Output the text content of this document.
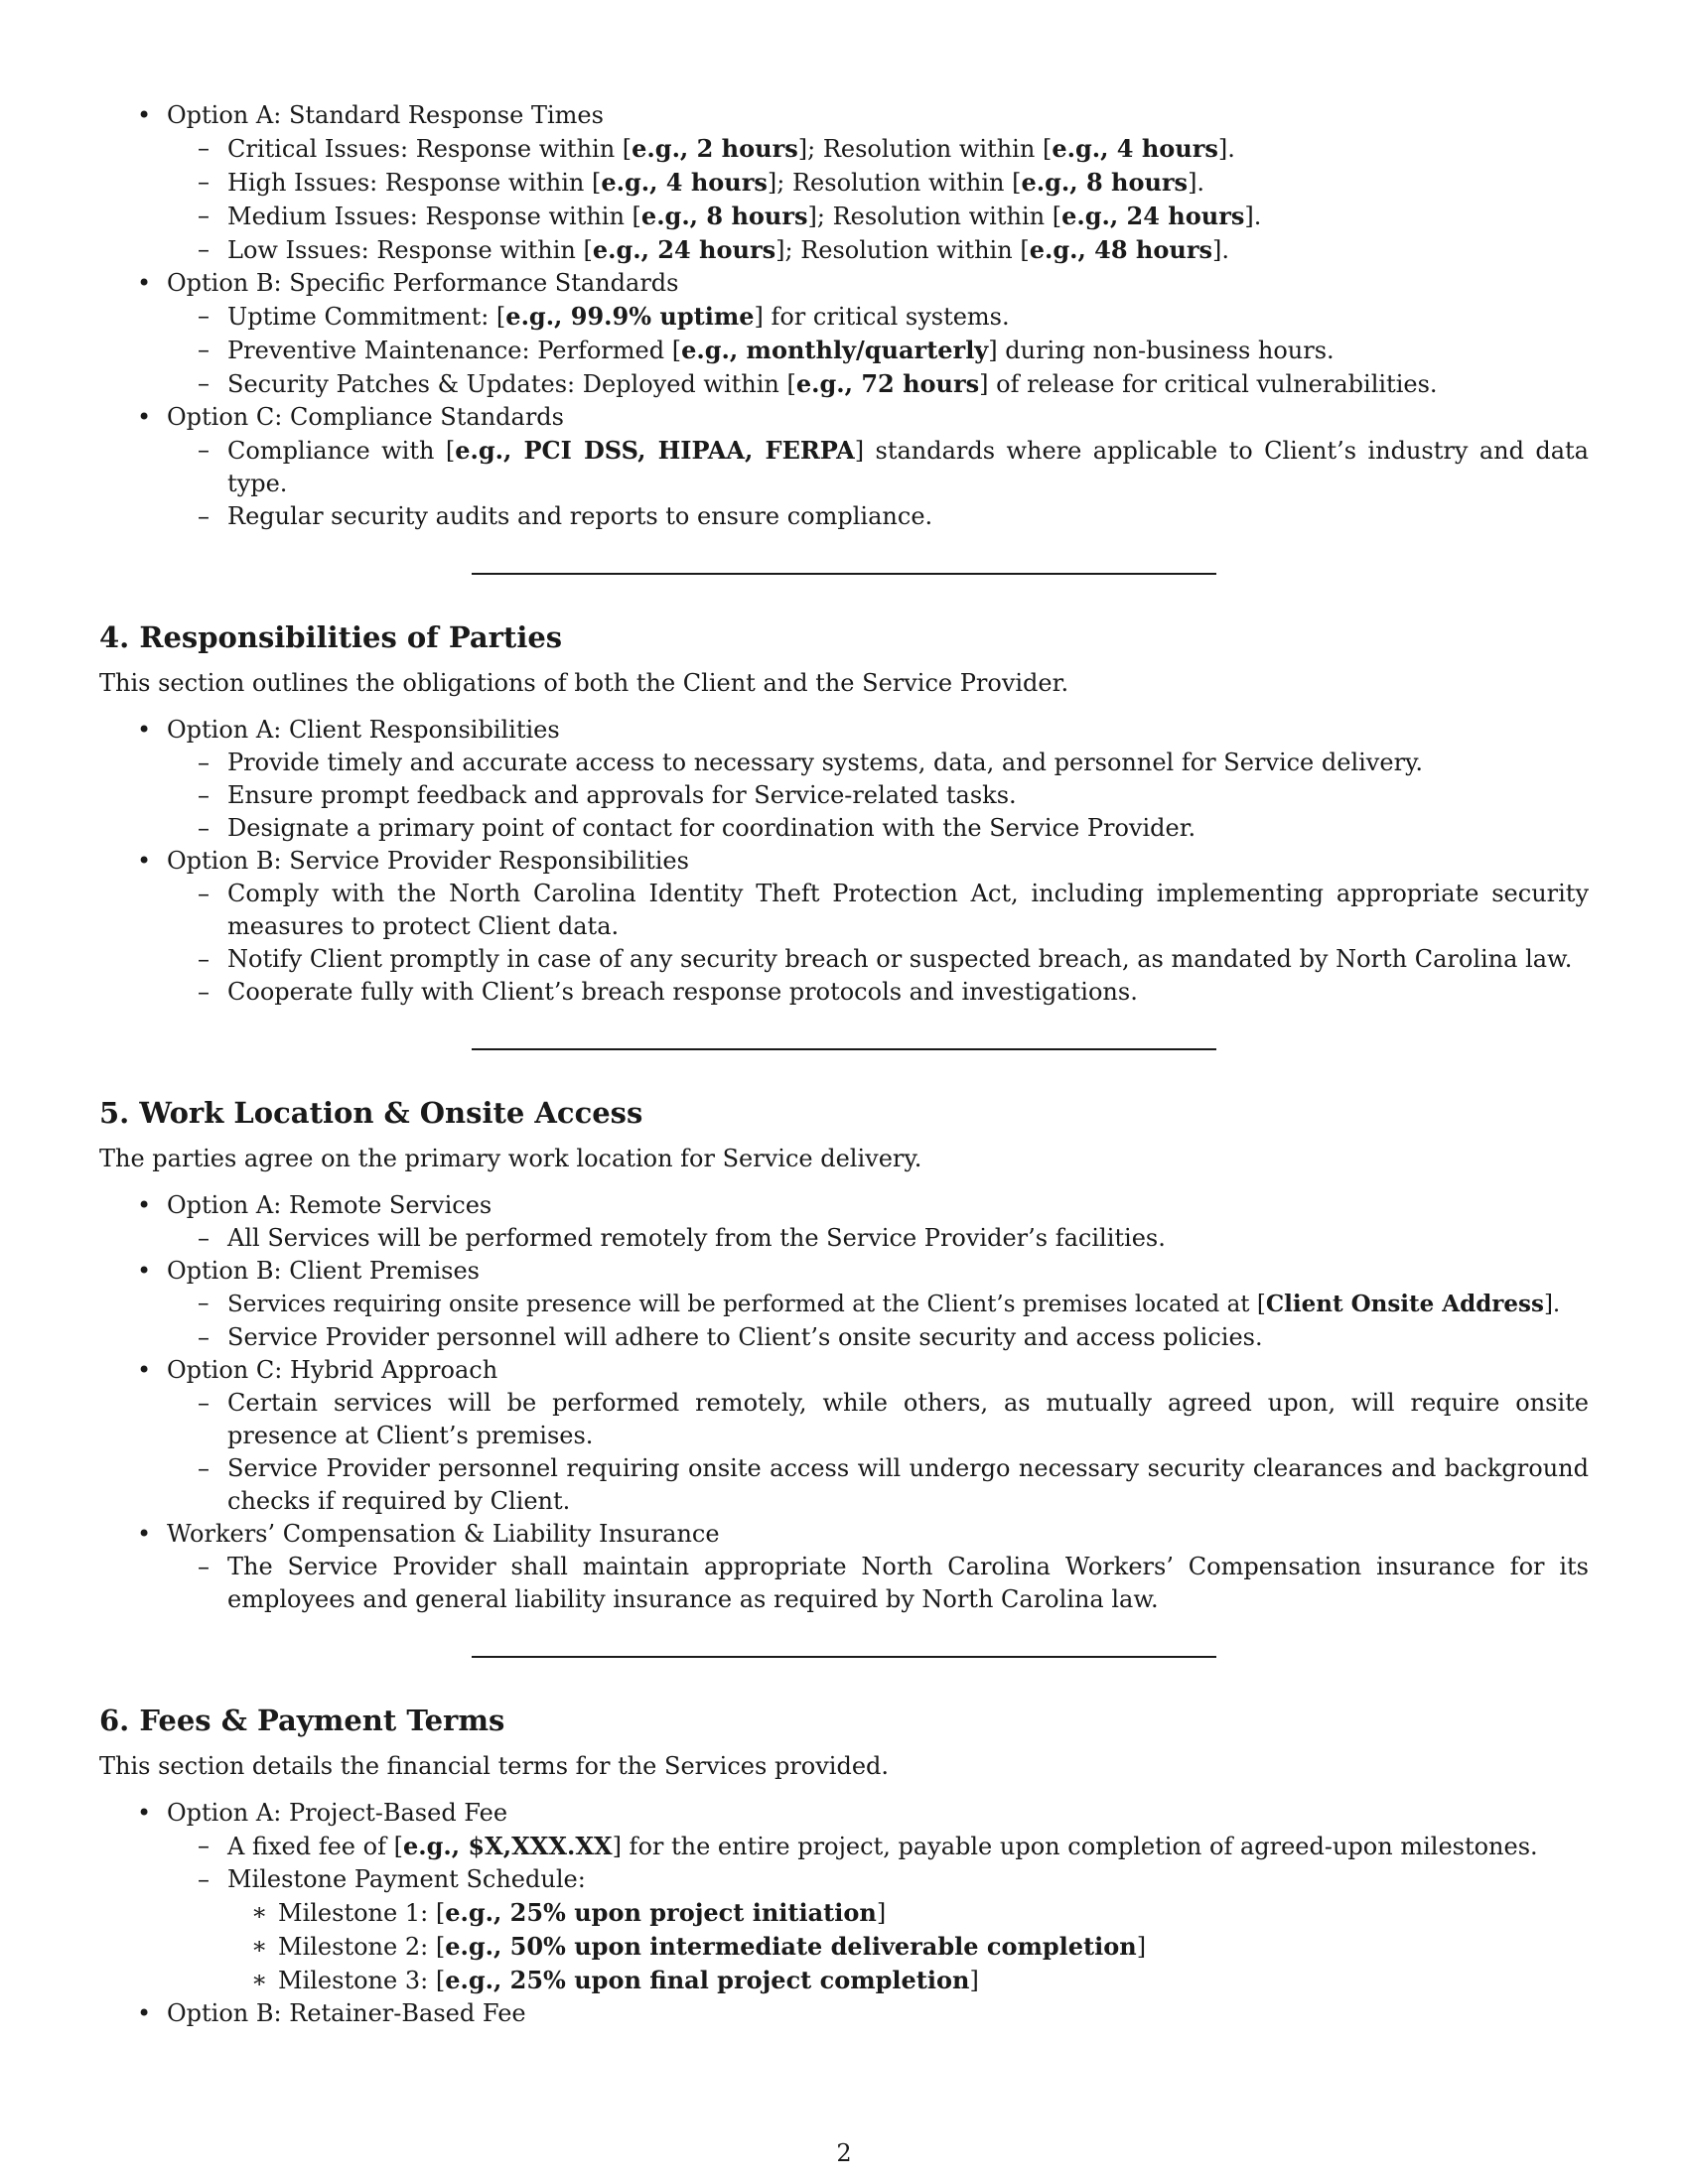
• Option A: Standard Response Times
– Critical Issues: Response within [e.g., 2 hours]; Resolution within [e.g., 4 hours].
– High Issues: Response within [e.g., 4 hours]; Resolution within [e.g., 8 hours].
– Medium Issues: Response within [e.g., 8 hours]; Resolution within [e.g., 24 hours].
– Low Issues: Response within [e.g., 24 hours]; Resolution within [e.g., 48 hours].
• Option B: Specific Performance Standards
– Uptime Commitment: [e.g., 99.9% uptime] for critical systems.
– Preventive Maintenance: Performed [e.g., monthly/quarterly] during non-business hours.
– Security Patches & Updates: Deployed within [e.g., 72 hours] of release for critical vulnerabilities.
• Option C: Compliance Standards
– Compliance with [e.g., PCI DSS, HIPAA, FERPA] standards where applicable to Client’s industry and data type.
– Regular security audits and reports to ensure compliance.
4. Responsibilities of Parties

This section outlines the obligations of both the Client and the Service Provider.

• Option A: Client Responsibilities
– Provide timely and accurate access to necessary systems, data, and personnel for Service delivery.
– Ensure prompt feedback and approvals for Service-related tasks.
– Designate a primary point of contact for coordination with the Service Provider.
• Option B: Service Provider Responsibilities
– Comply with the North Carolina Identity Theft Protection Act, including implementing appropriate security measures to protect Client data.
– Notify Client promptly in case of any security breach or suspected breach, as mandated by North Carolina law.
– Cooperate fully with Client’s breach response protocols and investigations.
5. Work Location & Onsite Access

The parties agree on the primary work location for Service delivery.

• Option A: Remote Services
– All Services will be performed remotely from the Service Provider’s facilities.
• Option B: Client Premises
– Services requiring onsite presence will be performed at the Client’s premises located at [Client Onsite Address].
– Service Provider personnel will adhere to Client’s onsite security and access policies.
• Option C: Hybrid Approach
– Certain services will be performed remotely, while others, as mutually agreed upon, will require onsite presence at Client’s premises.
– Service Provider personnel requiring onsite access will undergo necessary security clearances and background checks if required by Client.
• Workers’ Compensation & Liability Insurance
– The Service Provider shall maintain appropriate North Carolina Workers’ Compensation insurance for its employees and general liability insurance as required by North Carolina law.
6. Fees & Payment Terms

This section details the financial terms for the Services provided.

• Option A: Project-Based Fee
– A fixed fee of [e.g., $X,XXX.XX] for the entire project, payable upon completion of agreed-upon milestones.
– Milestone Payment Schedule:
∗ Milestone 1: [e.g., 25% upon project initiation]
∗ Milestone 2: [e.g., 50% upon intermediate deliverable completion]
∗ Milestone 3: [e.g., 25% upon final project completion]
• Option B: Retainer-Based Fee
2
